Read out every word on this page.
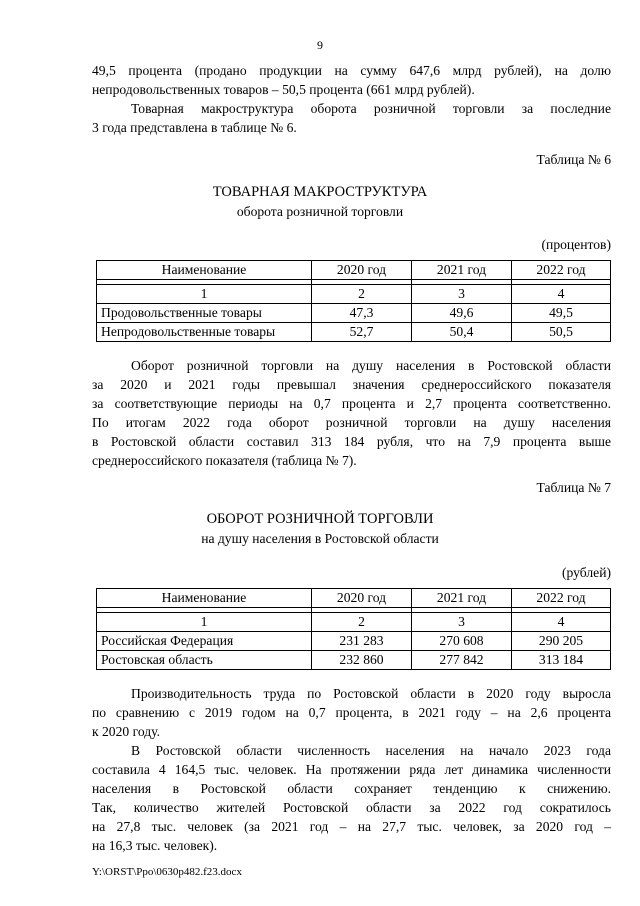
9
49,5 процента (продано продукции на сумму 647,6 млрд рублей), на долю
непродовольственных товаров – 50,5 процента (661 млрд рублей).
Товарная макроструктура оборота розничной торговли за последние
3 года представлена в таблице № 6.
Таблица № 6
ТОВАРНАЯ МАКРОСТРУКТУРА
оборота розничной торговли
(процентов)
Наименование	2020 год	2021 год	2022 год

1	2	3	4
Продовольственные товары	47,3	49,6	49,5
Непродовольственные товары	52,7	50,4	50,5
Оборот розничной торговли на душу населения в Ростовской области
за 2020 и 2021 годы превышал значения среднероссийского показателя
за соответствующие периоды на 0,7 процента и 2,7 процента соответственно.
По итогам 2022 года оборот розничной торговли на душу населения
в Ростовской области составил 313 184 рубля, что на 7,9 процента выше
среднероссийского показателя (таблица № 7).
Таблица № 7
ОБОРОТ РОЗНИЧНОЙ ТОРГОВЛИ
на душу населения в Ростовской области
(рублей)
Наименование	2020 год	2021 год	2022 год

1	2	3	4
Российская Федерация	231 283	270 608	290 205
Ростовская область	232 860	277 842	313 184
Производительность труда по Ростовской области в 2020 году выросла
по сравнению с 2019 годом на 0,7 процента, в 2021 году – на 2,6 процента
к 2020 году.
В Ростовской области численность населения на начало 2023 года
составила 4 164,5 тыс. человек. На протяжении ряда лет динамика численности
населения в Ростовской области сохраняет тенденцию к снижению.
Так, количество жителей Ростовской области за 2022 год сократилось
на 27,8 тыс. человек (за 2021 год – на 27,7 тыс. человек, за 2020 год –
на 16,3 тыс. человек).
Y:\ORST\Ppo\0630p482.f23.docx
